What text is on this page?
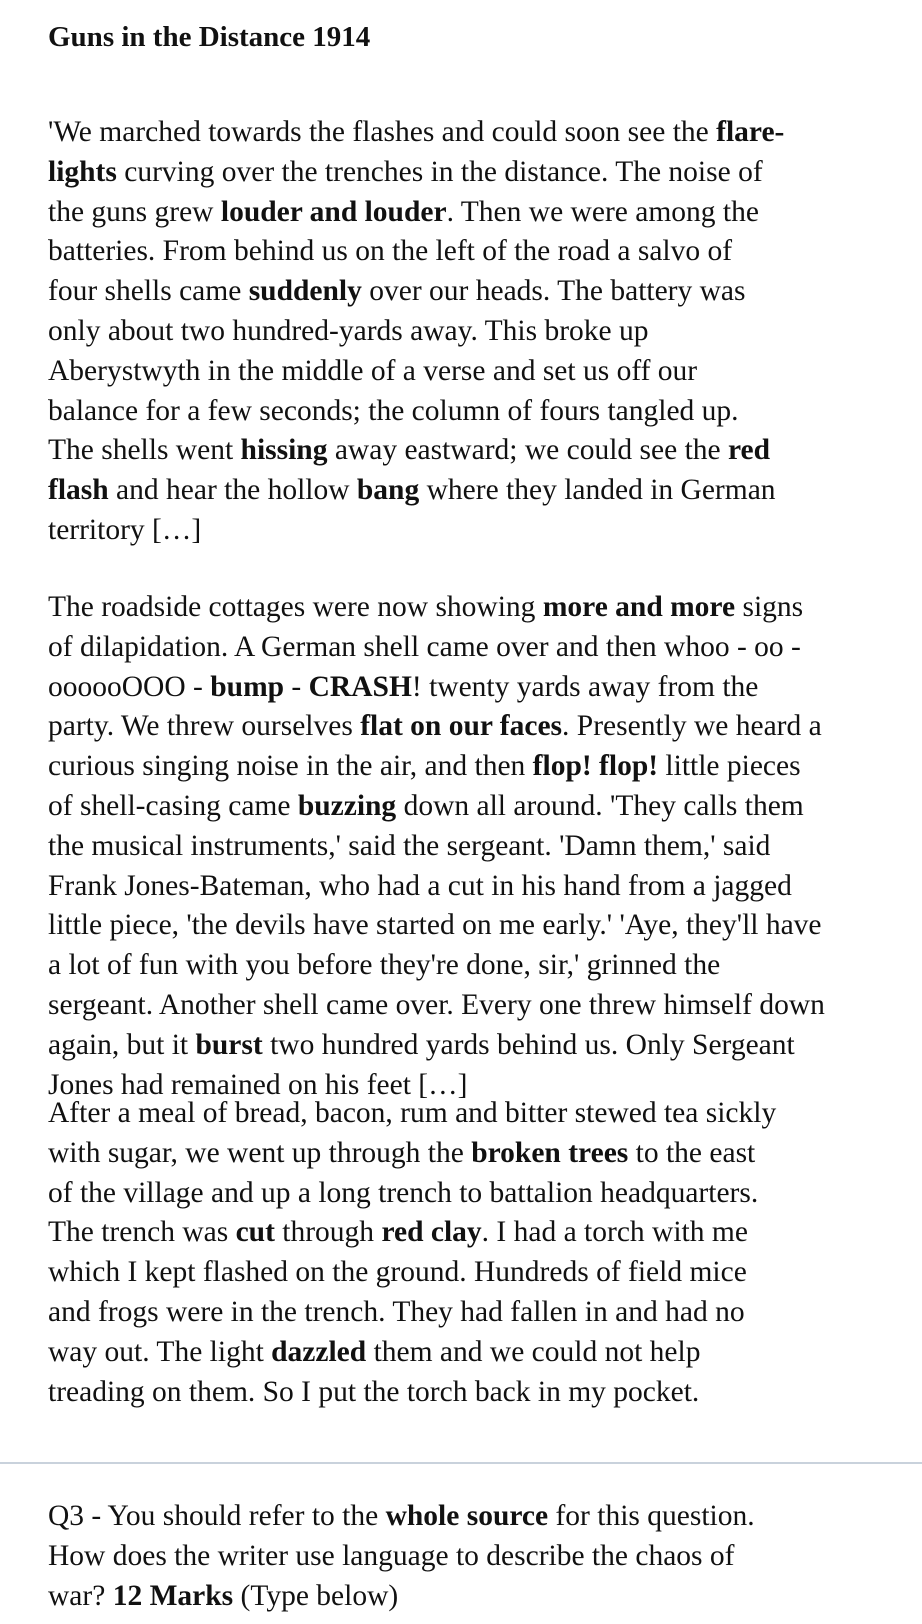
Guns in the Distance 1914
'We marched towards the flashes and could soon see the flare-
lights curving over the trenches in the distance. The noise of
the guns grew louder and louder. Then we were among the
batteries. From behind us on the left of the road a salvo of
four shells came suddenly over our heads. The battery was
only about two hundred-yards away. This broke up
Aberystwyth in the middle of a verse and set us off our
balance for a few seconds; the column of fours tangled up.
The shells went hissing away eastward; we could see the red
flash and hear the hollow bang where they landed in German
territory […]
The roadside cottages were now showing more and more signs
of dilapidation. A German shell came over and then whoo - oo -
oooooOOO - bump - CRASH! twenty yards away from the
party. We threw ourselves flat on our faces. Presently we heard a
curious singing noise in the air, and then flop! flop! little pieces
of shell-casing came buzzing down all around. 'They calls them
the musical instruments,' said the sergeant. 'Damn them,' said
Frank Jones-Bateman, who had a cut in his hand from a jagged
little piece, 'the devils have started on me early.' 'Aye, they'll have
a lot of fun with you before they're done, sir,' grinned the
sergeant. Another shell came over. Every one threw himself down
again, but it burst two hundred yards behind us. Only Sergeant
Jones had remained on his feet […]
After a meal of bread, bacon, rum and bitter stewed tea sickly
with sugar, we went up through the broken trees to the east
of the village and up a long trench to battalion headquarters.
The trench was cut through red clay. I had a torch with me
which I kept flashed on the ground. Hundreds of field mice
and frogs were in the trench. They had fallen in and had no
way out. The light dazzled them and we could not help
treading on them. So I put the torch back in my pocket.
Q3 - You should refer to the whole source for this question.
How does the writer use language to describe the chaos of
war? 12 Marks (Type below)
